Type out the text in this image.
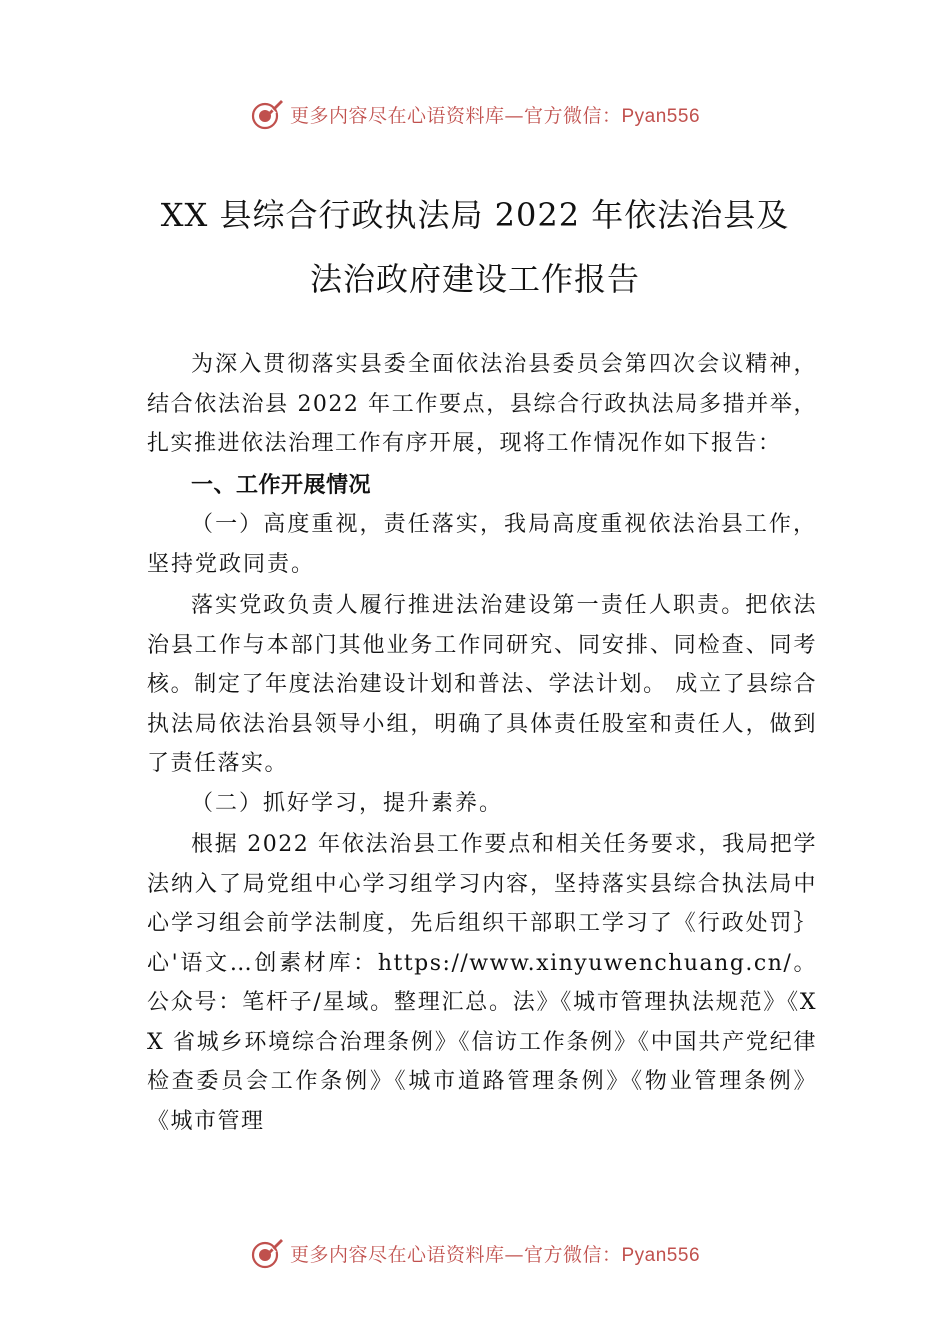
更多内容尽在心语资料库—官方微信：Pyan556
XX 县综合行政执法局 2022 年依法治县及
法治政府建设工作报告

为深入贯彻落实县委全面依法治县委员会第四次会议精神，结合依法治县 2022 年工作要点，县综合行政执法局多措并举，扎实推进依法治理工作有序开展，现将工作情况作如下报告：

一、工作开展情况

（一）高度重视，责任落实，我局高度重视依法治县工作，坚持党政同责。

落实党政负责人履行推进法治建设第一责任人职责。把依法治县工作与本部门其他业务工作同研究、同安排、同检查、同考核。制定了年度法治建设计划和普法、学法计划。 成立了县综合执法局依法治县领导小组，明确了具体责任股室和责任人，做到了责任落实。

（二）抓好学习，提升素养。

根据 2022 年依法治县工作要点和相关任务要求，我局把学法纳入了局党组中心学习组学习内容，坚持落实县综合执法局中心学习组会前学法制度，先后组织干部职工学习了《行政处罚｝心'语文…创素材库：https://www.xinyuwenchuang.cn/。公众号：笔杆子/星域。整理汇总。法》《城市管理执法规范》《XX 省城乡环境综合治理条例》《信访工作条例》《中国共产党纪律检查委员会工作条例》《城市道路管理条例》《物业管理条例》《城市管理

更多内容尽在心语资料库—官方微信：Pyan556
